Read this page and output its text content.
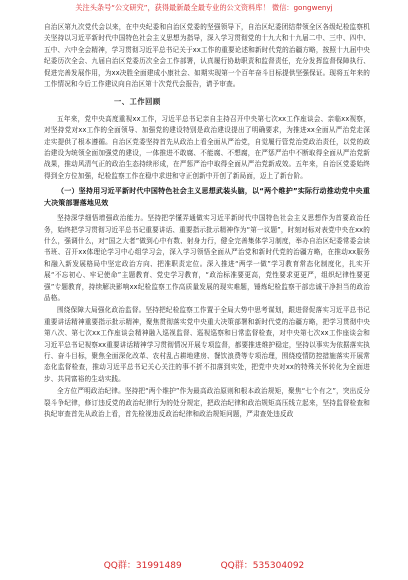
关注头条号“公文研究”，获得最新最全最专业的公文资料库！ 微信：gongwenyj

自治区第九次党代会以来，在中央纪委和自治区党委的坚强领导下，自治区纪委团结带领全区各级纪检监察机关坚持以习近平新时代中国特色社会主义思想为指导，深入学习贯彻党的十九大和十九届二中、三中、四中、五中、六中全会精神，学习贯彻习近平总书记关于xx工作的重要论述和新时代党的治疆方略，按照十九届中央纪委历次全会、九届自治区党委历次全会工作部署，认真履行协助职责和监督责任，充分发挥监督保障执行、促进完善发展作用，为xx决胜全面建成小康社会、如期实现第一个百年奋斗目标提供坚强保证。现将五年来的工作情况和今后工作建议向自治区第十次党代会报告，请予审查。

一、工作回顾

五年来，党中央高度重视xx工作，习近平总书记亲自主持召开中央第七次xx工作座谈会、亲临xx视察，对坚持党对xx工作的全面领导、加强党的建设特别是政治建设提出了明确要求，为推进xx全面从严治党走深走实提供了根本遵循。自治区党委坚持首先从政治上看全面从严治党，自觉履行管党治党政治责任，以党的政治建设为统领全面加强党的建设，一体推进不敢腐、不能腐、不想腐，在严惩严治中不断取得全面从严治党新战果，推动风清气正的政治生态持续形成，在严惩严治中取得全面从严治党新成效。五年来，自治区党委始终得到全方位加强，纪检监察工作在稳中求进和守正创新中开创了新局面，迈上了新台阶。

（一）坚持用习近平新时代中国特色社会主义思想武装头脑，以“两个维护”实际行动推动党中央重大决策部署落地见效

坚持深学细悟增强政治能力。坚持把学懂弄通做实习近平新时代中国特色社会主义思想作为首要政治任务，始终把学习贯彻习近平总书记重要讲话、重要指示批示精神作为“第一议题”，时刻对标对表党中央在xx的什么，强调什么，对“国之大者”做到心中有数、射身力行，健全完善集体学习制度，举办自治区纪委常委会读书班、召开xx体理论学习中心组学习会，深入学习领悟全面从严治党和新时代党的治疆方略，在推动xx服务和融入新发展格局中坚定政治方向、把准职责定位。深入推进“两学一做”学习教育常态化制度化，扎实开展“不忘初心、牢记使命”主题教育、党史学习教育，“政治标准要更高，党性要求更更严，组织纪律性要更强”专题教育，持续解决影响xx纪检监察工作高质量发展的现实难题，锤炼纪检监察干部忠诚干净担当的政治品格。

围绕保障大局强化政治监督。坚持把纪检监察工作置于全局大势中思考谋划，跟进督促落实习近平总书记重要讲话精神重要指示批示精神，聚焦贯彻落实党中央重大决策部署和新时代党的治疆方略，把学习贯彻中央第八次、第七次xx工作座谈会精神融入巡视监督、巡视巡察和日常监督检查，对中央第七次xx工作座谈会和习近平总书记视察xx重要讲话精神学习贯彻情况开展专项监督，都要推进维护稳定，坚持以事实为依据落实执行、奋斗目标，聚焦全面深化改革、农村乱占耕地建房、餐饮浪费等专项治理，围绕疫情防控措施落实开展常态化监督检查，推动习近平总书记关心关注的事不折不扣落到实处，把党中央对xx的特殊关怀转化为全面进步、共同富裕的生动实践。

全方位严明政治纪律。坚持把“两个维护”作为最高政治原则和根本政治规矩，聚焦“七个有之”，突出反分裂斗争纪律，修订违反党的政治纪律行为的处分规定，把政治纪律和政治规矩高压线立起来，坚持监督检查和执纪审查首先从政治上看，首先检视违反政治纪律和政治规矩问题，严肃查处违反政

QQ群：31991489	QQ群：535304092
